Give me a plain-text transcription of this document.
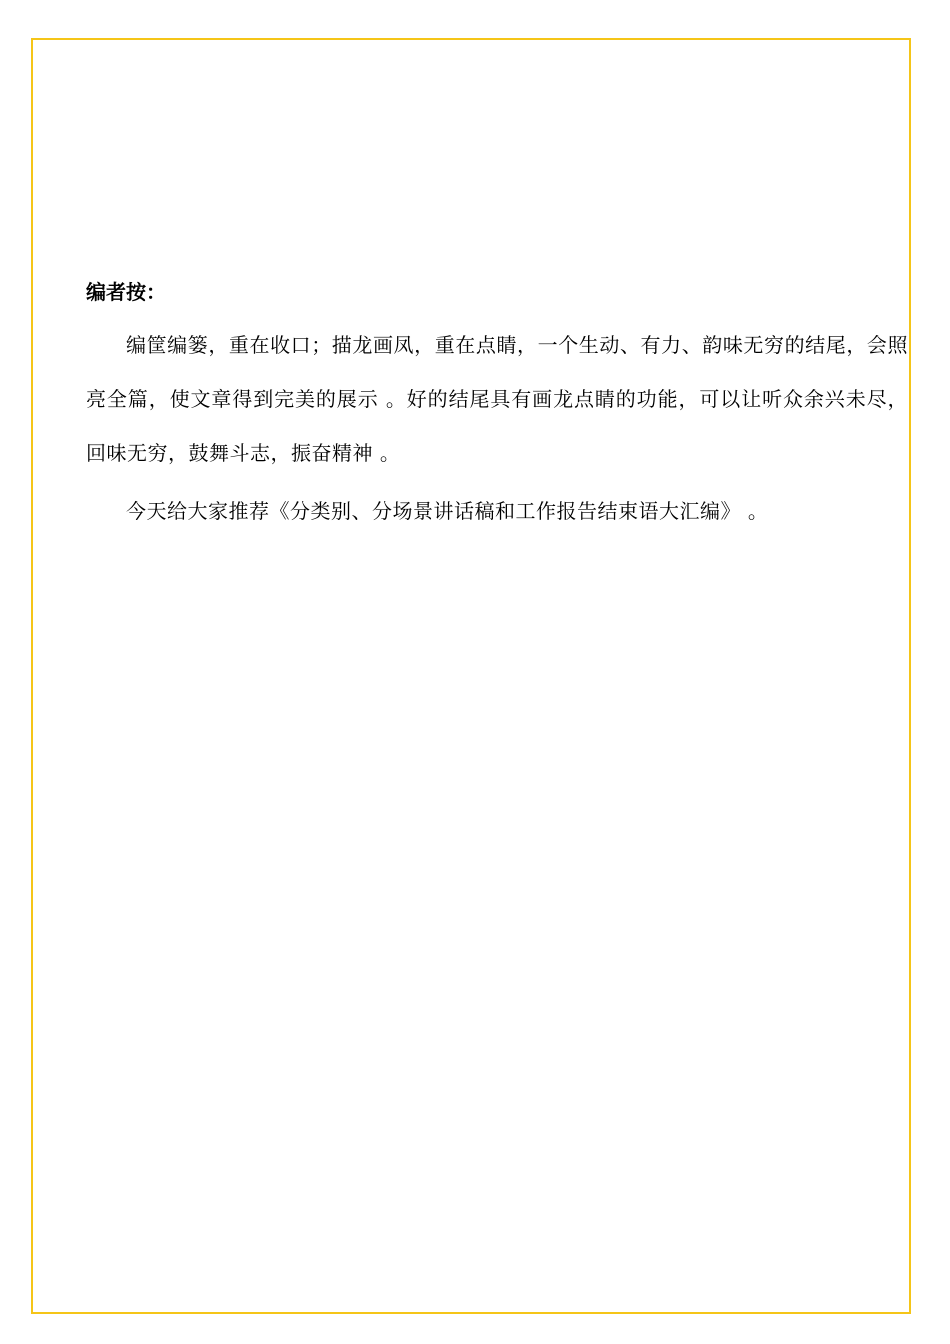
编者按：

编筐编篓，重在收口；描龙画凤，重在点睛，一个生动、有力、韵味无穷的结尾，会照亮全篇，使文章得到完美的展示 。好的结尾具有画龙点睛的功能，可以让听众余兴未尽，回味无穷，鼓舞斗志，振奋精神 。

今天给大家推荐《分类别、分场景讲话稿和工作报告结束语大汇编》 。
